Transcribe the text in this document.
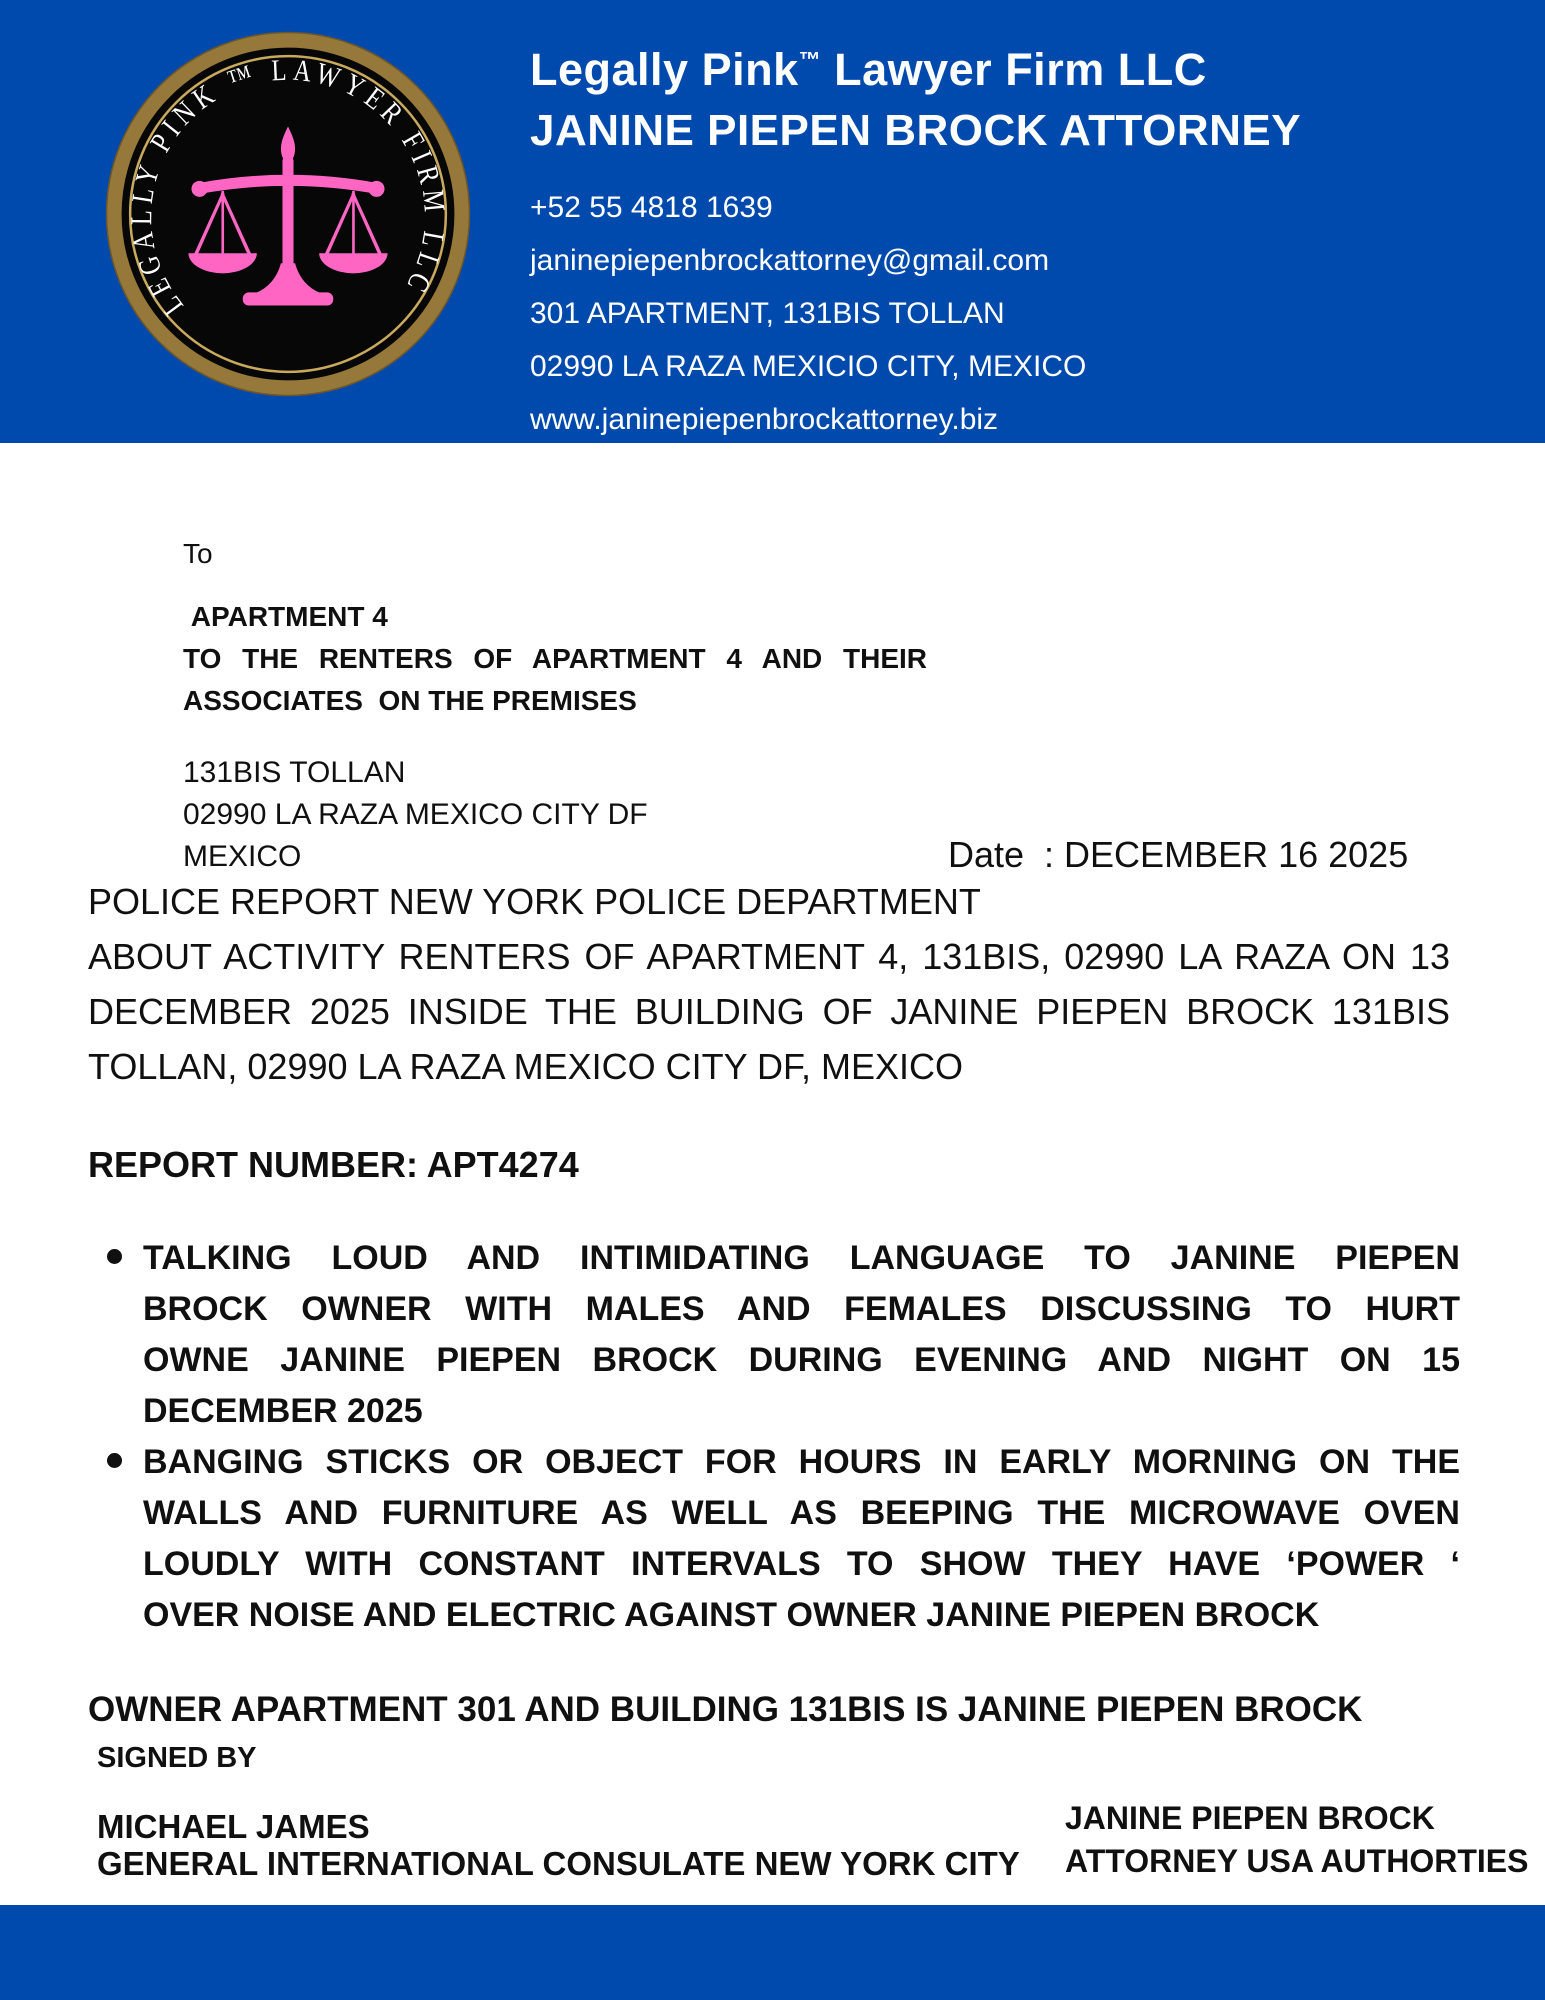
LEGALLY PINK ™ LAWYER FIRM LLC
Legally Pink™ Lawyer Firm LLC
JANINE PIEPEN BROCK ATTORNEY
+52 55 4818 1639
janinepiepenbrockattorney@gmail.com
301 APARTMENT, 131BIS TOLLAN
02990 LA RAZA MEXICIO CITY, MEXICO
www.janinepiepenbrockattorney.biz
To
APARTMENT 4
TO THE RENTERS OF APARTMENT 4 AND THEIR
ASSOCIATES  ON THE PREMISES
131BIS TOLLAN
02990 LA RAZA MEXICO CITY DF
MEXICO	Date  : DECEMBER 16 2025
POLICE REPORT NEW YORK POLICE DEPARTMENT
ABOUT ACTIVITY RENTERS OF APARTMENT 4, 131BIS, 02990 LA RAZA ON 13
DECEMBER 2025 INSIDE THE BUILDING OF JANINE PIEPEN BROCK 131BIS
TOLLAN, 02990 LA RAZA MEXICO CITY DF, MEXICO
REPORT NUMBER: APT4274
TALKING LOUD AND INTIMIDATING LANGUAGE TO JANINE PIEPEN
BROCK OWNER WITH MALES AND FEMALES DISCUSSING TO HURT
OWNE JANINE PIEPEN BROCK DURING EVENING AND NIGHT ON 15
DECEMBER 2025
BANGING STICKS OR OBJECT FOR HOURS IN EARLY MORNING ON THE
WALLS AND FURNITURE AS WELL AS BEEPING THE MICROWAVE OVEN
LOUDLY WITH CONSTANT INTERVALS TO SHOW THEY HAVE ‘POWER ‘
OVER NOISE AND ELECTRIC AGAINST OWNER JANINE PIEPEN BROCK
OWNER APARTMENT 301 AND BUILDING 131BIS IS JANINE PIEPEN BROCK
SIGNED BY
MICHAEL JAMES
GENERAL INTERNATIONAL CONSULATE NEW YORK CITY
JANINE PIEPEN BROCK
ATTORNEY USA AUTHORTIES
